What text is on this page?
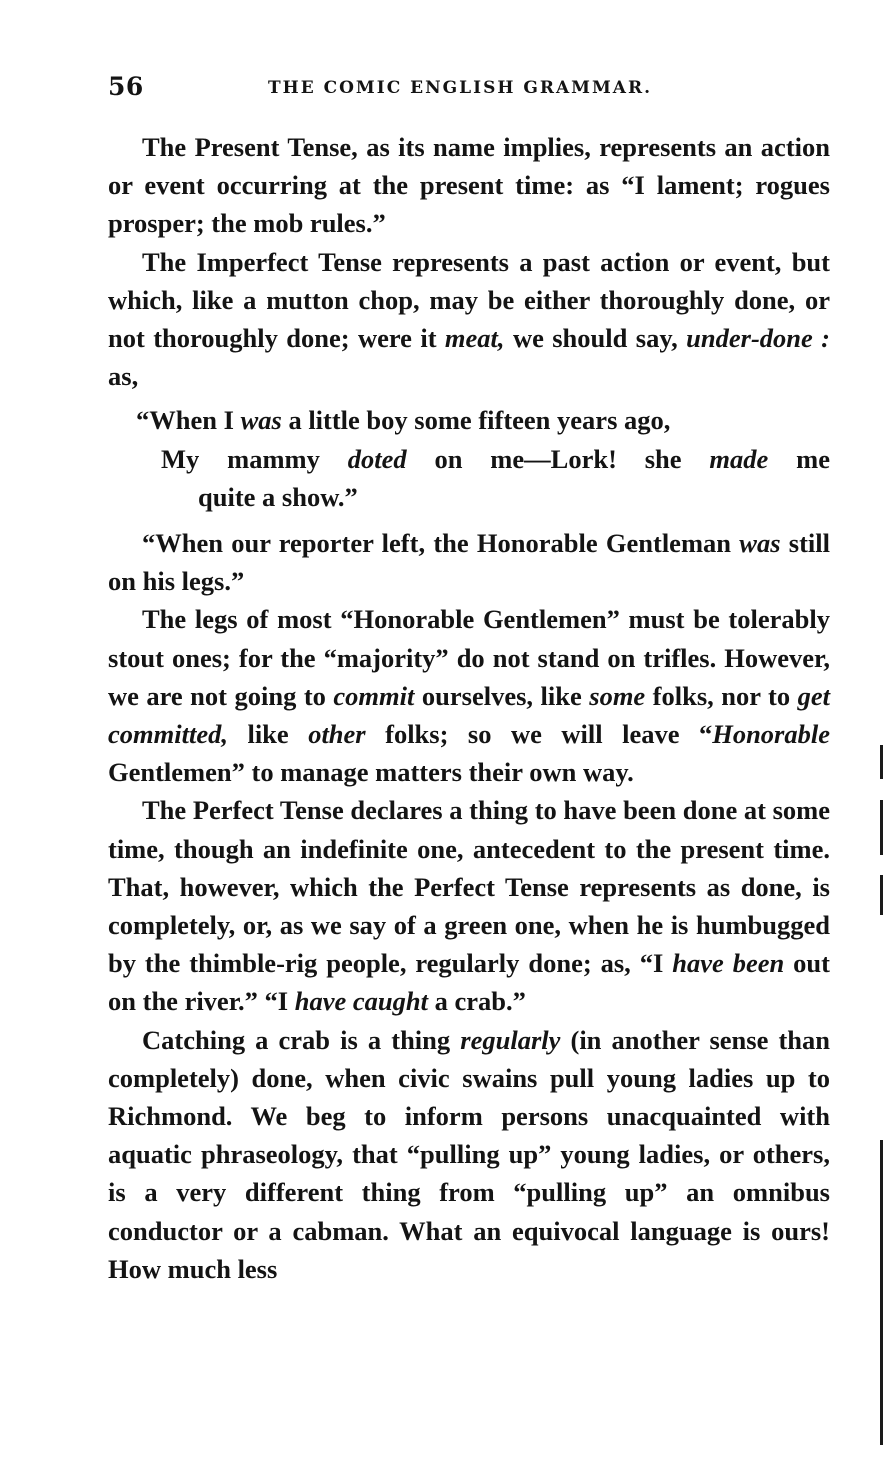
56	THE COMIC ENGLISH GRAMMAR.

The Present Tense, as its name implies, represents an action or event occurring at the present time: as “I lament; rogues prosper; the mob rules.”

The Imperfect Tense represents a past action or event, but which, like a mutton chop, may be either thoroughly done, or not thoroughly done; were it meat, we should say, under-done : as,

“When I was a little boy some fifteen years ago,
My mammy doted on me—Lork! she made me
quite a show.”

“When our reporter left, the Honorable Gentleman was still on his legs.”

The legs of most “Honorable Gentlemen” must be tolerably stout ones; for the “majority” do not stand on trifles. However, we are not going to commit ourselves, like some folks, nor to get committed, like other folks; so we will leave “Honorable Gentlemen” to manage matters their own way.

The Perfect Tense declares a thing to have been done at some time, though an indefinite one, antecedent to the present time. That, however, which the Perfect Tense represents as done, is completely, or, as we say of a green one, when he is humbugged by the thimble-rig people, regularly done; as, “I have been out on the river.” “I have caught a crab.”

Catching a crab is a thing regularly (in another sense than completely) done, when civic swains pull young ladies up to Richmond. We beg to inform persons unacquainted with aquatic phraseology, that “pulling up” young ladies, or others, is a very different thing from “pulling up” an omnibus conductor or a cabman. What an equivocal language is ours! How much less
